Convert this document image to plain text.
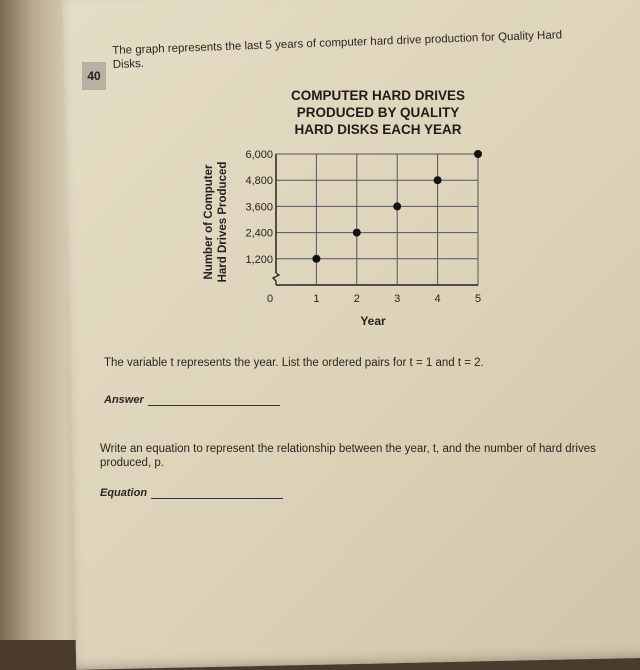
40
The graph represents the last 5 years of computer hard drive production for Quality Hard Disks.
COMPUTER HARD DRIVES
PRODUCED BY QUALITY
HARD DISKS EACH YEAR
1,200
2,400
3,600
4,800
6,000
0	1	2	3	4	5
Number of Computer Hard Drives Produced
Year
The variable t represents the year. List the ordered pairs for t = 1 and t = 2.
Answer
Write an equation to represent the relationship between the year, t, and the number of hard drives produced, p.
Equation
